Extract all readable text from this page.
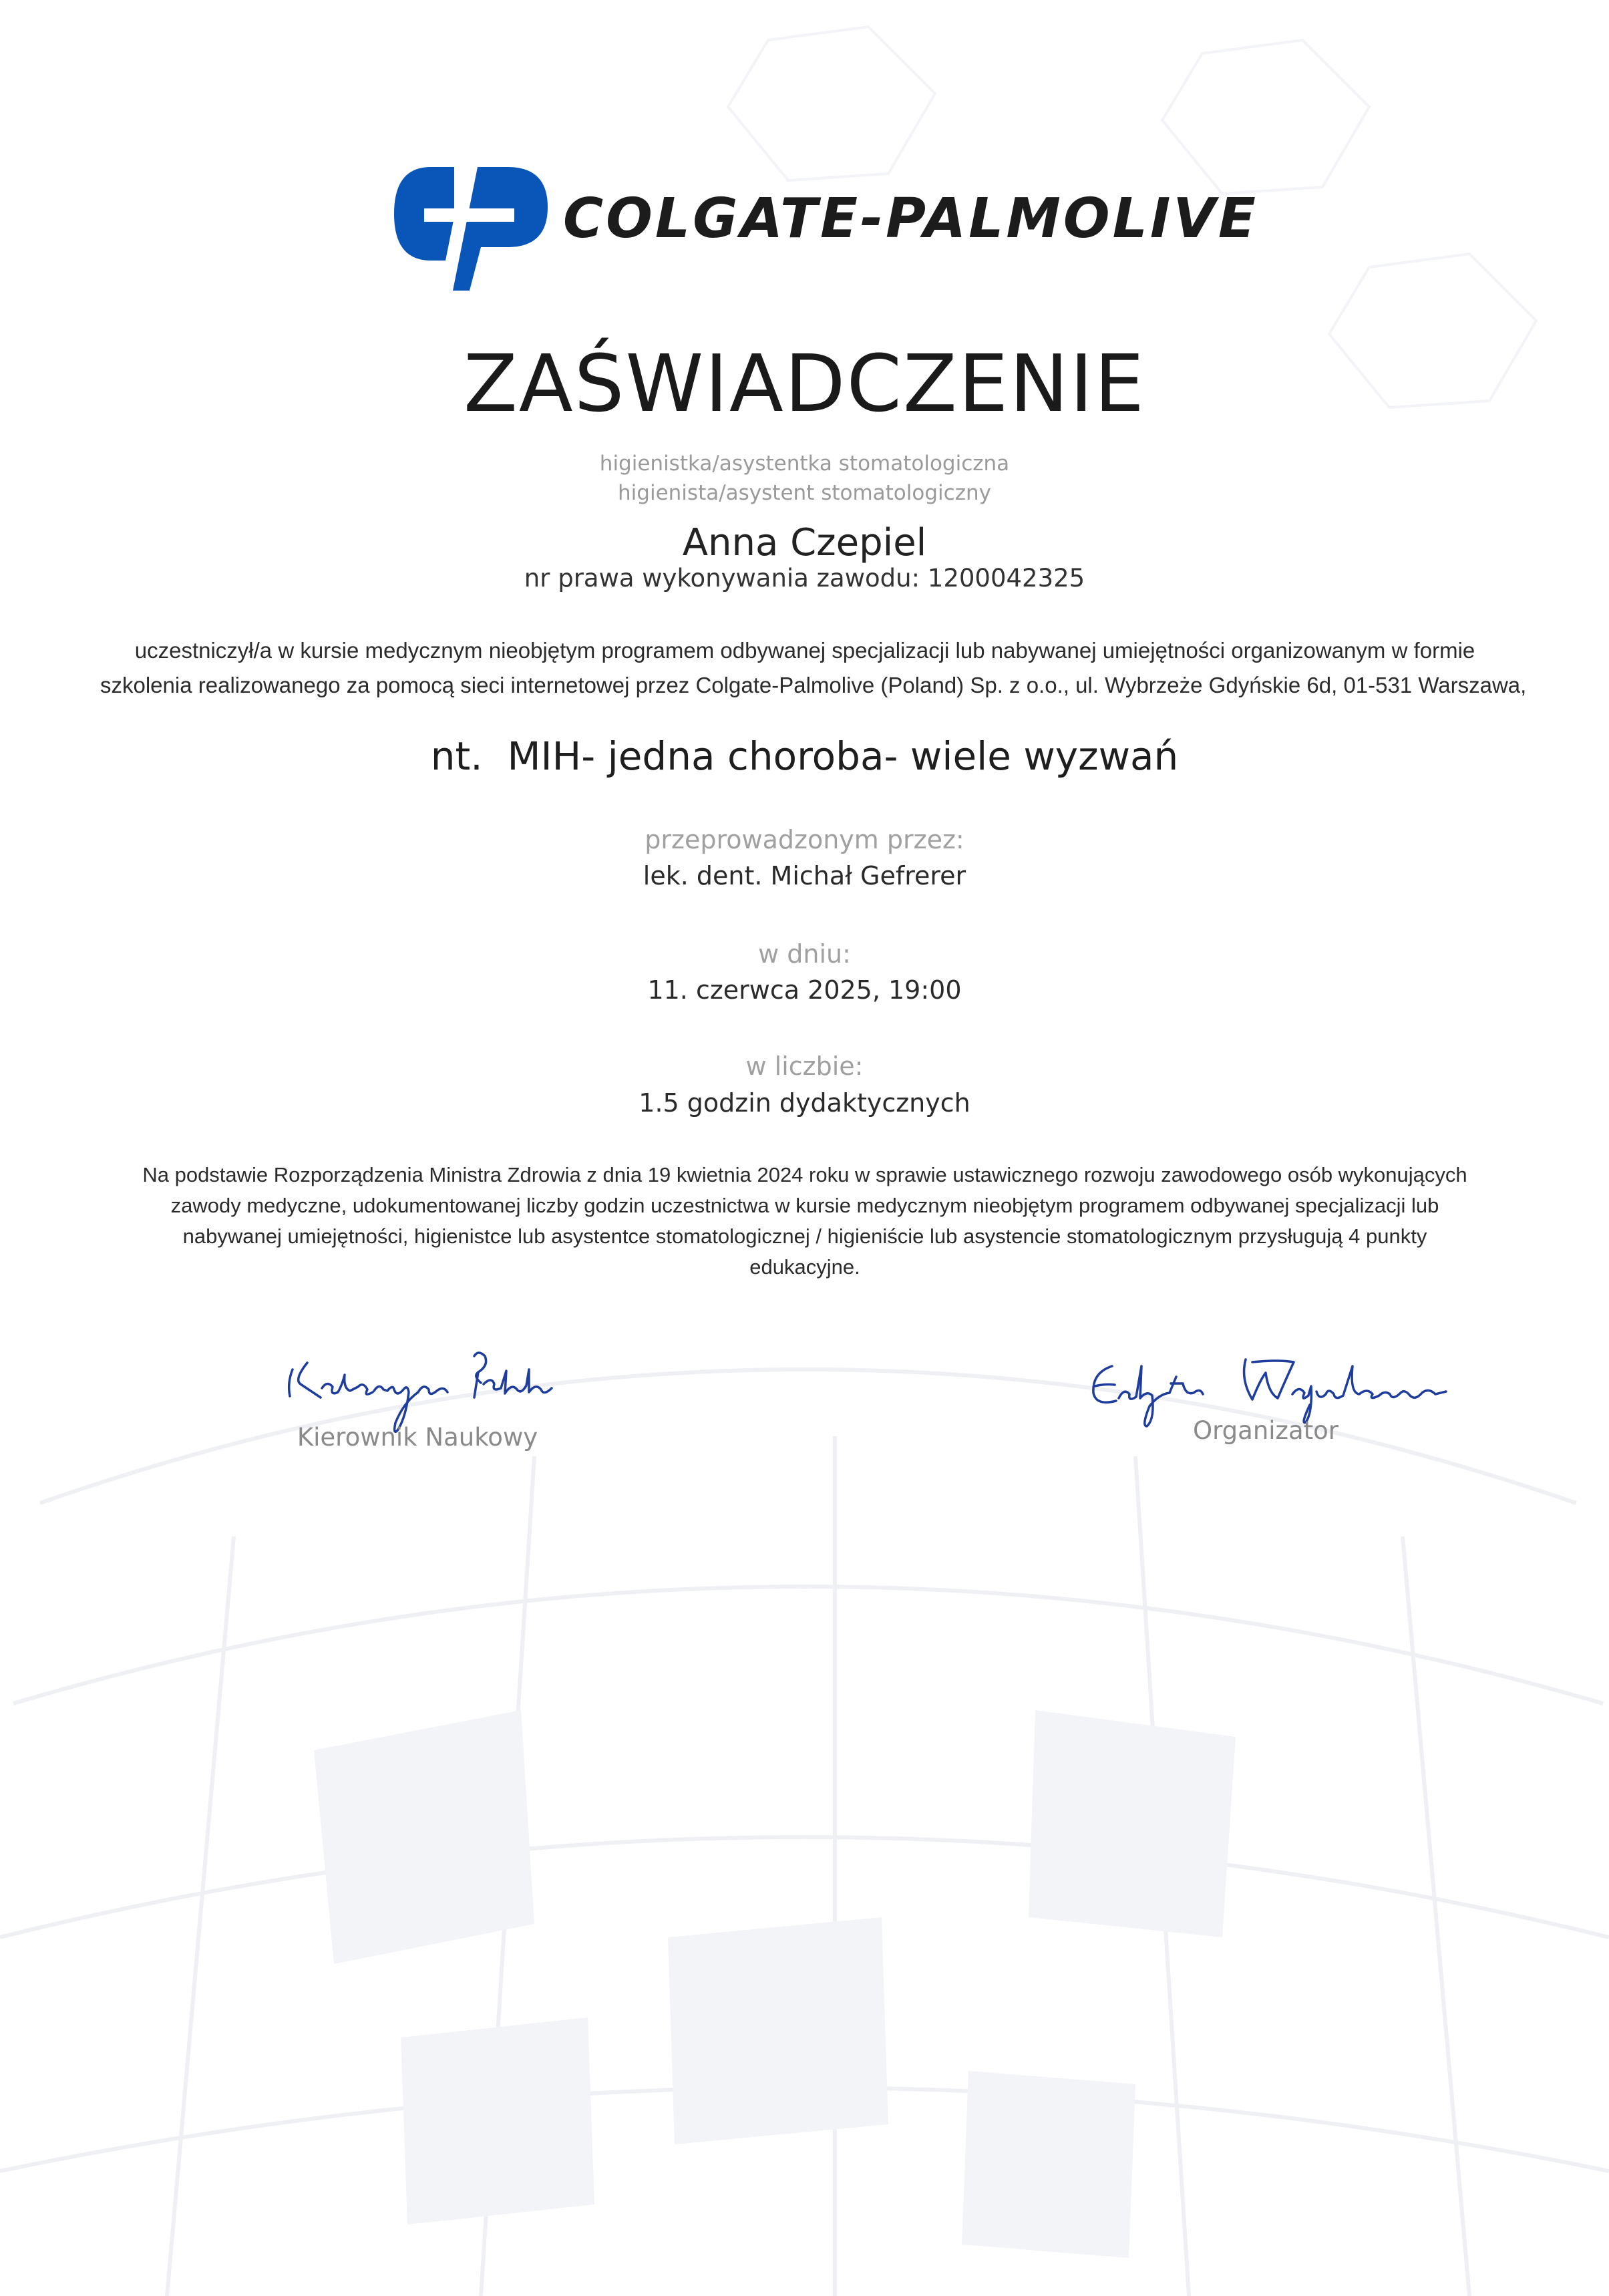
COLGATE-PALMOLIVE
ZAŚWIADCZENIE
higienistka/asystentka stomatologiczna
higienista/asystent stomatologiczny
Anna Czepiel
nr prawa wykonywania zawodu: 1200042325
uczestniczył/a w kursie medycznym nieobjętym programem odbywanej specjalizacji lub nabywanej umiejętności organizowanym w formie
szkolenia realizowanego za pomocą sieci internetowej przez Colgate-Palmolive (Poland) Sp. z o.o., ul. Wybrzeże Gdyńskie 6d, 01-531 Warszawa,
nt.  MIH- jedna choroba- wiele wyzwań
przeprowadzonym przez:
lek. dent. Michał Gefrerer
w dniu:
11. czerwca 2025, 19:00
w liczbie:
1.5 godzin dydaktycznych
Na podstawie Rozporządzenia Ministra Zdrowia z dnia 19 kwietnia 2024 roku w sprawie ustawicznego rozwoju zawodowego osób wykonujących
zawody medyczne, udokumentowanej liczby godzin uczestnictwa w kursie medycznym nieobjętym programem odbywanej specjalizacji lub
nabywanej umiejętności, higienistce lub asystentce stomatologicznej / higieniście lub asystencie stomatologicznym przysługują 4 punkty
edukacyjne.
Kierownik Naukowy	Organizator
